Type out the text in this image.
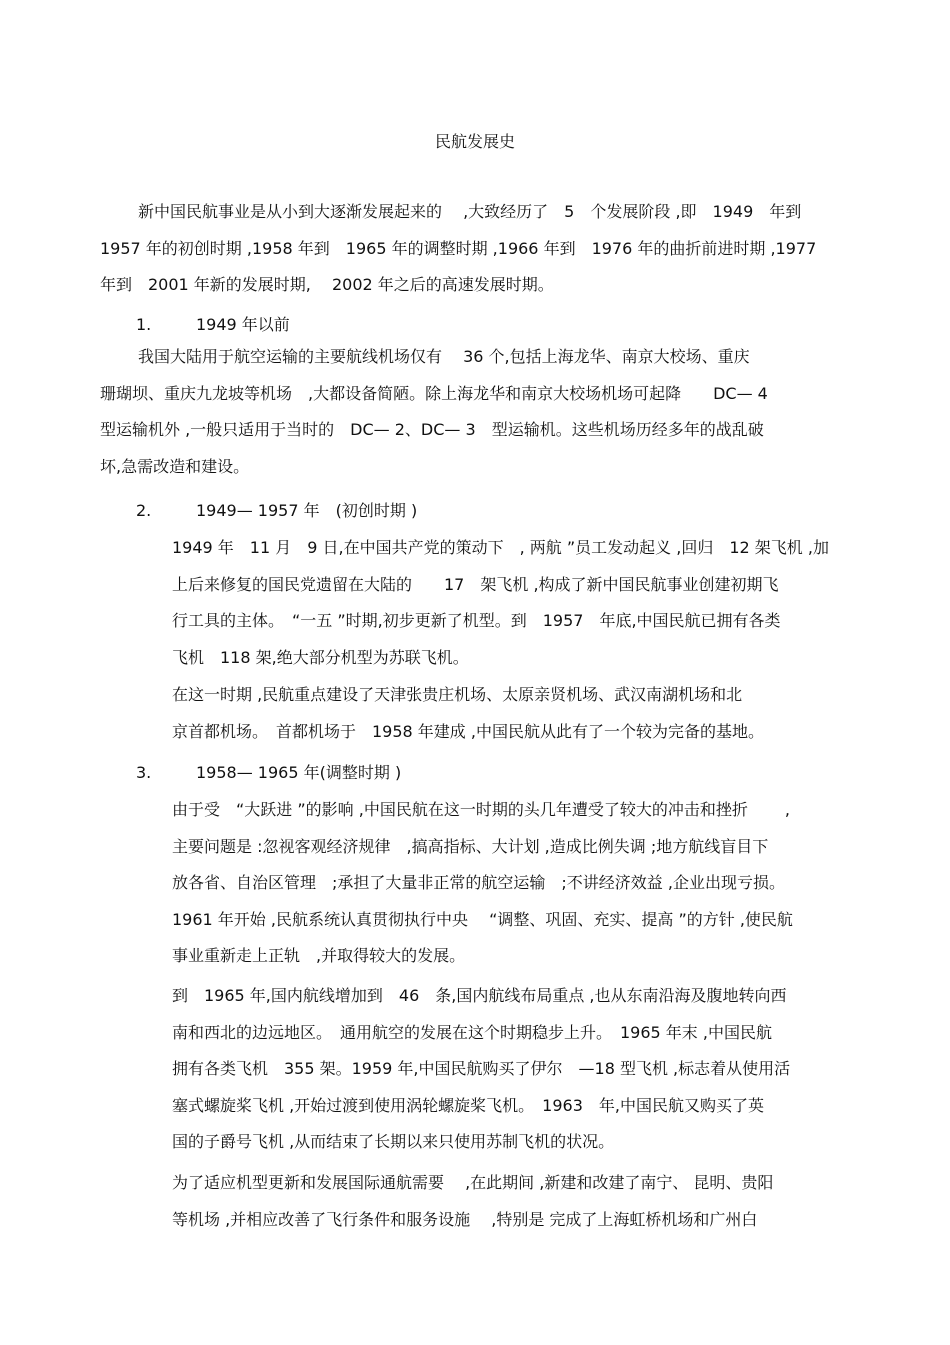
民航发展史
新中国民航事业是从小到大逐渐发展起来的　 ,大致经历了　5　个发展阶段 ,即　1949　年到
1957 年的初创时期 ,1958 年到　1965 年的调整时期 ,1966 年到　1976 年的曲折前进时期 ,1977
年到　2001 年新的发展时期,　 2002 年之后的高速发展时期。
1.	1949 年以前
我国大陆用于航空运输的主要航线机场仅有　 36 个,包括上海龙华、南京大校场、重庆
珊瑚坝、重庆九龙坡等机场　,大都设备简陋。除上海龙华和南京大校场机场可起降　　DC— 4
型运输机外 ,一般只适用于当时的　DC— 2、DC— 3　型运输机。这些机场历经多年的战乱破
坏,急需改造和建设。
2.	1949— 1957 年　(初创时期 )
1949 年　11 月　9 日,在中国共产党的策动下　, 两航 ”员工发动起义 ,回归　12 架飞机 ,加
上后来修复的国民党遗留在大陆的　　17　架飞机 ,构成了新中国民航事业创建初期飞
行工具的主体。　“一五 ”时期,初步更新了机型。到　1957　年底,中国民航已拥有各类
飞机　118 架,绝大部分机型为苏联飞机。
在这一时期 ,民航重点建设了天津张贵庄机场、太原亲贤机场、武汉南湖机场和北
京首都机场。　首都机场于　1958 年建成 ,中国民航从此有了一个较为完备的基地。
3.	1958— 1965 年(调整时期 )
由于受　“大跃进 ”的影响 ,中国民航在这一时期的头几年遭受了较大的冲击和挫折　　 ,
主要问题是 :忽视客观经济规律　,搞高指标、大计划 ,造成比例失调 ;地方航线盲目下
放各省、自治区管理　;承担了大量非正常的航空运输　;不讲经济效益 ,企业出现亏损。
1961 年开始 ,民航系统认真贯彻执行中央　 “调整、巩固、充实、提高 ”的方针 ,使民航
事业重新走上正轨　,并取得较大的发展。
到　1965 年,国内航线增加到　46　条,国内航线布局重点 ,也从东南沿海及腹地转向西
南和西北的边远地区。　通用航空的发展在这个时期稳步上升。　1965 年末 ,中国民航
拥有各类飞机　355 架。1959 年,中国民航购买了伊尔　—18 型飞机 ,标志着从使用活
塞式螺旋桨飞机 ,开始过渡到使用涡轮螺旋桨飞机。　1963　年,中国民航又购买了英
国的子爵号飞机 ,从而结束了长期以来只使用苏制飞机的状况。
为了适应机型更新和发展国际通航需要　 ,在此期间 ,新建和改建了南宁、 昆明、贵阳
等机场 ,并相应改善了飞行条件和服务设施　 ,特别是 完成了上海虹桥机场和广州白
